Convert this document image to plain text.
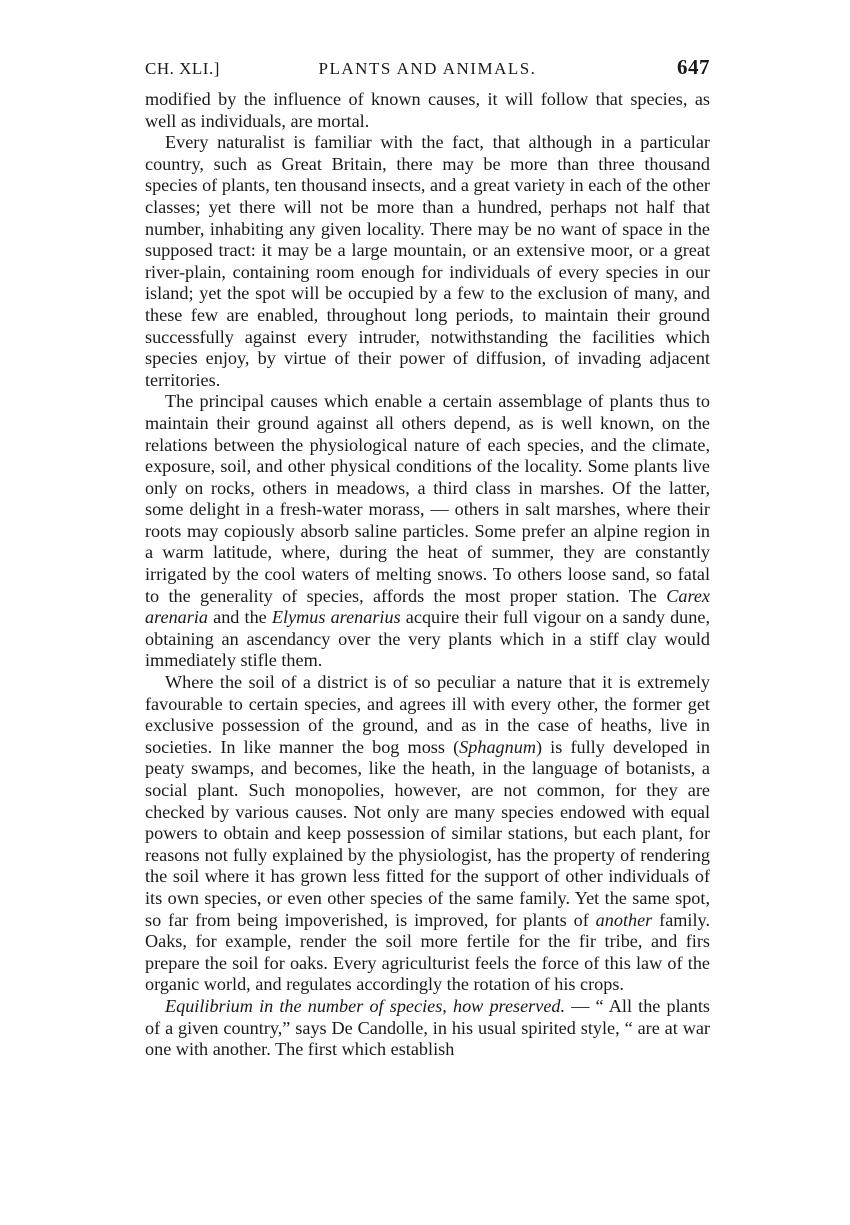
CH. XLI.]	PLANTS AND ANIMALS.	647

modified by the influence of known causes, it will follow that species, as well as individuals, are mortal.

Every naturalist is familiar with the fact, that although in a particular country, such as Great Britain, there may be more than three thousand species of plants, ten thousand insects, and a great variety in each of the other classes; yet there will not be more than a hundred, perhaps not half that number, inhabiting any given locality. There may be no want of space in the supposed tract: it may be a large mountain, or an extensive moor, or a great river-plain, containing room enough for individuals of every species in our island; yet the spot will be occupied by a few to the exclusion of many, and these few are enabled, throughout long periods, to maintain their ground successfully against every intruder, notwithstanding the facilities which species enjoy, by virtue of their power of diffusion, of invading adjacent territories.

The principal causes which enable a certain assemblage of plants thus to maintain their ground against all others depend, as is well known, on the relations between the physiological nature of each species, and the climate, exposure, soil, and other physical conditions of the locality. Some plants live only on rocks, others in meadows, a third class in marshes. Of the latter, some delight in a fresh-water morass, — others in salt marshes, where their roots may copiously absorb saline particles. Some prefer an alpine region in a warm latitude, where, during the heat of summer, they are constantly irrigated by the cool waters of melting snows. To others loose sand, so fatal to the generality of species, affords the most proper station. The Carex arenaria and the Elymus arenarius acquire their full vigour on a sandy dune, obtaining an ascendancy over the very plants which in a stiff clay would immediately stifle them.

Where the soil of a district is of so peculiar a nature that it is extremely favourable to certain species, and agrees ill with every other, the former get exclusive possession of the ground, and as in the case of heaths, live in societies. In like manner the bog moss (Sphagnum) is fully developed in peaty swamps, and becomes, like the heath, in the language of botanists, a social plant. Such monopolies, however, are not common, for they are checked by various causes. Not only are many species endowed with equal powers to obtain and keep possession of similar stations, but each plant, for reasons not fully explained by the physiologist, has the property of rendering the soil where it has grown less fitted for the support of other individuals of its own species, or even other species of the same family. Yet the same spot, so far from being impoverished, is improved, for plants of another family. Oaks, for example, render the soil more fertile for the fir tribe, and firs prepare the soil for oaks. Every agriculturist feels the force of this law of the organic world, and regulates accordingly the rotation of his crops.

Equilibrium in the number of species, how preserved. — “ All the plants of a given country,” says De Candolle, in his usual spirited style, “ are at war one with another. The first which establish
